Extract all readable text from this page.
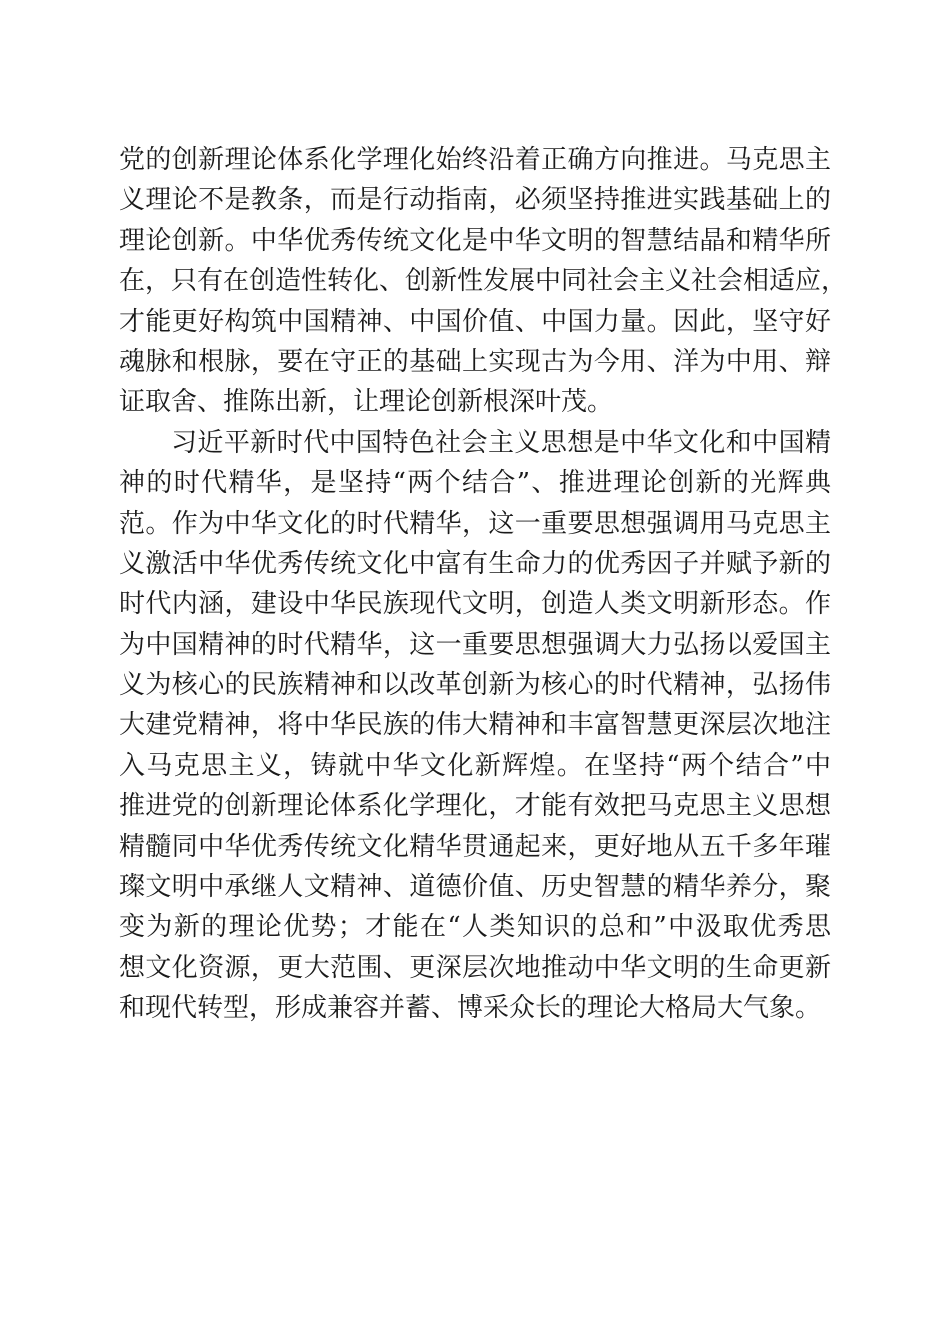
党的创新理论体系化学理化始终沿着正确方向推进。马克思主
义理论不是教条，而是行动指南，必须坚持推进实践基础上的
理论创新。中华优秀传统文化是中华文明的智慧结晶和精华所
在，只有在创造性转化、创新性发展中同社会主义社会相适应，
才能更好构筑中国精神、中国价值、中国力量。因此，坚守好
魂脉和根脉，要在守正的基础上实现古为今用、洋为中用、辩
证取舍、推陈出新，让理论创新根深叶茂。
习近平新时代中国特色社会主义思想是中华文化和中国精
神的时代精华，是坚持“两个结合”、推进理论创新的光辉典
范。作为中华文化的时代精华，这一重要思想强调用马克思主
义激活中华优秀传统文化中富有生命力的优秀因子并赋予新的
时代内涵，建设中华民族现代文明，创造人类文明新形态。作
为中国精神的时代精华，这一重要思想强调大力弘扬以爱国主
义为核心的民族精神和以改革创新为核心的时代精神，弘扬伟
大建党精神，将中华民族的伟大精神和丰富智慧更深层次地注
入马克思主义，铸就中华文化新辉煌。在坚持“两个结合”中
推进党的创新理论体系化学理化，才能有效把马克思主义思想
精髓同中华优秀传统文化精华贯通起来，更好地从五千多年璀
璨文明中承继人文精神、道德价值、历史智慧的精华养分，聚
变为新的理论优势；才能在“人类知识的总和”中汲取优秀思
想文化资源，更大范围、更深层次地推动中华文明的生命更新
和现代转型，形成兼容并蓄、博采众长的理论大格局大气象。
